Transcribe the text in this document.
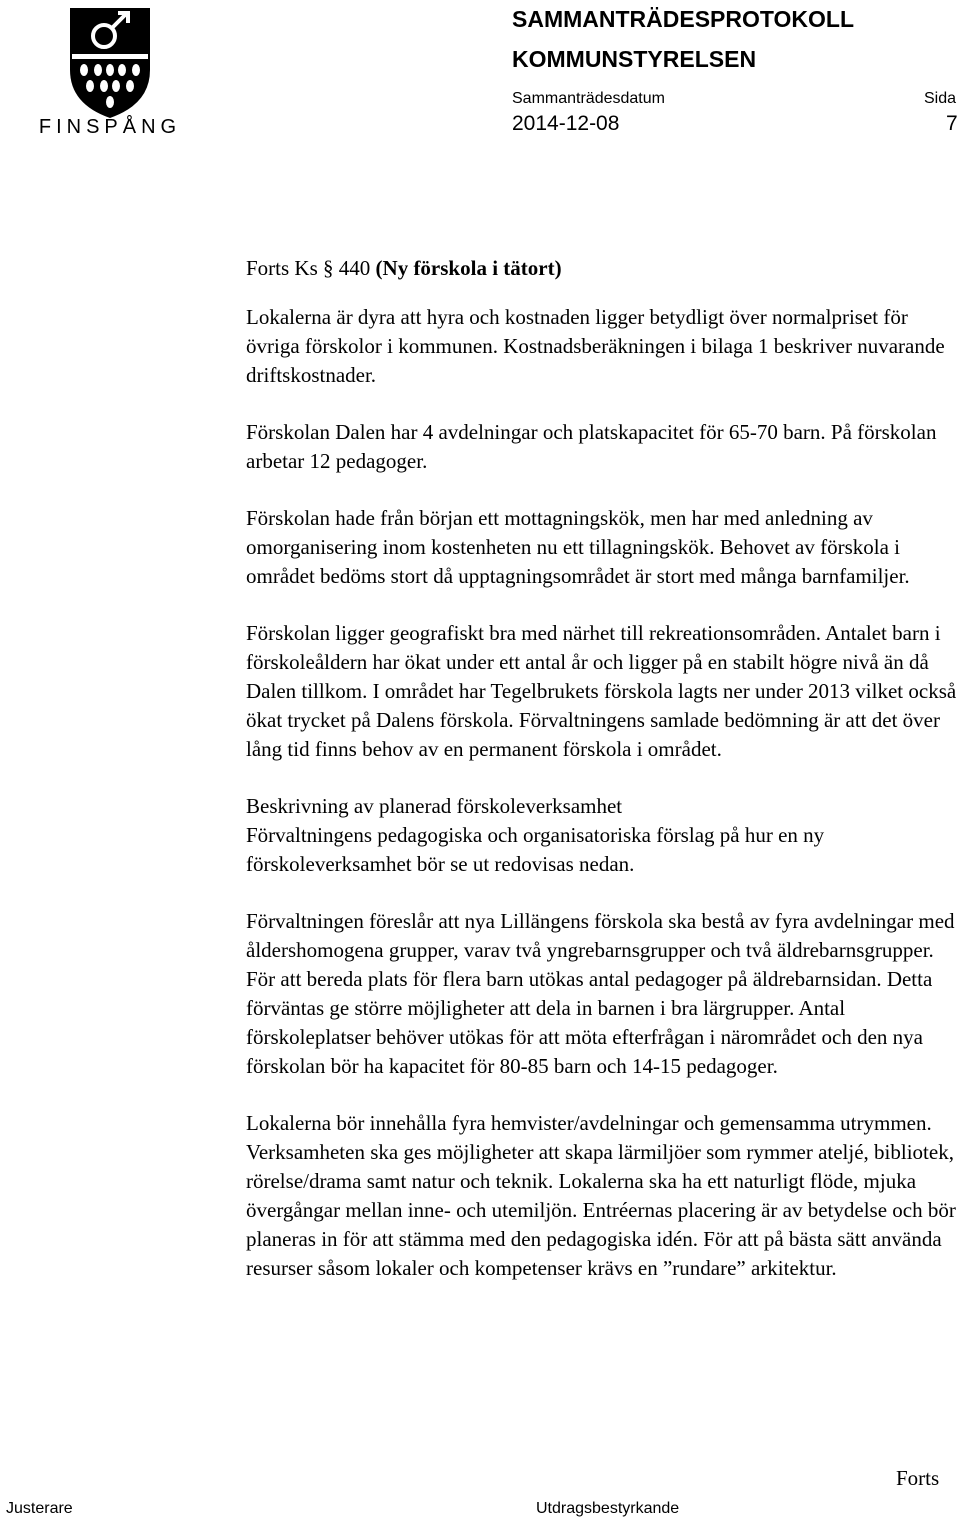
FINSPÅNG
SAMMANTRÄDESPROTOKOLL
KOMMUNSTYRELSEN
Sammanträdesdatum	Sida
2014-12-08	7

Forts Ks § 440 (Ny förskola i tätort)

Lokalerna är dyra att hyra och kostnaden ligger betydligt över normalpriset för övriga förskolor i kommunen. Kostnadsberäkningen i bilaga 1 beskriver nuvarande driftskostnader.

Förskolan Dalen har 4 avdelningar och platskapacitet för 65-70 barn. På förskolan arbetar 12 pedagoger.

Förskolan hade från början ett mottagningskök, men har med anledning av omorganisering inom kostenheten nu ett tillagningskök. Behovet av förskola i området bedöms stort då upptagningsområdet är stort med många barnfamiljer.

Förskolan ligger geografiskt bra med närhet till rekreationsområden. Antalet barn i förskoleåldern har ökat under ett antal år och ligger på en stabilt högre nivå än då Dalen tillkom. I området har Tegelbrukets förskola lagts ner under 2013 vilket också ökat trycket på Dalens förskola. Förvaltningens samlade bedömning är att det över lång tid finns behov av en permanent förskola i området.

Beskrivning av planerad förskoleverksamhet
Förvaltningens pedagogiska och organisatoriska förslag på hur en ny förskoleverksamhet bör se ut redovisas nedan.

Förvaltningen föreslår att nya Lillängens förskola ska bestå av fyra avdelningar med åldershomogena grupper, varav två yngrebarnsgrupper och två äldrebarnsgrupper. För att bereda plats för flera barn utökas antal pedagoger på äldrebarnsidan. Detta förväntas ge större möjligheter att dela in barnen i bra lärgrupper. Antal förskoleplatser behöver utökas för att möta efterfrågan i närområdet och den nya förskolan bör ha kapacitet för 80-85 barn och 14-15 pedagoger.

Lokalerna bör innehålla fyra hemvister/avdelningar och gemensamma utrymmen. Verksamheten ska ges möjligheter att skapa lärmiljöer som rymmer ateljé, bibliotek, rörelse/drama samt natur och teknik. Lokalerna ska ha ett naturligt flöde, mjuka övergångar mellan inne- och utemiljön. Entréernas placering är av betydelse och bör planeras in för att stämma med den pedagogiska idén. För att på bästa sätt använda resurser såsom lokaler och kompetenser krävs en ”rundare” arkitektur.

Forts
Justerare	Utdragsbestyrkande
